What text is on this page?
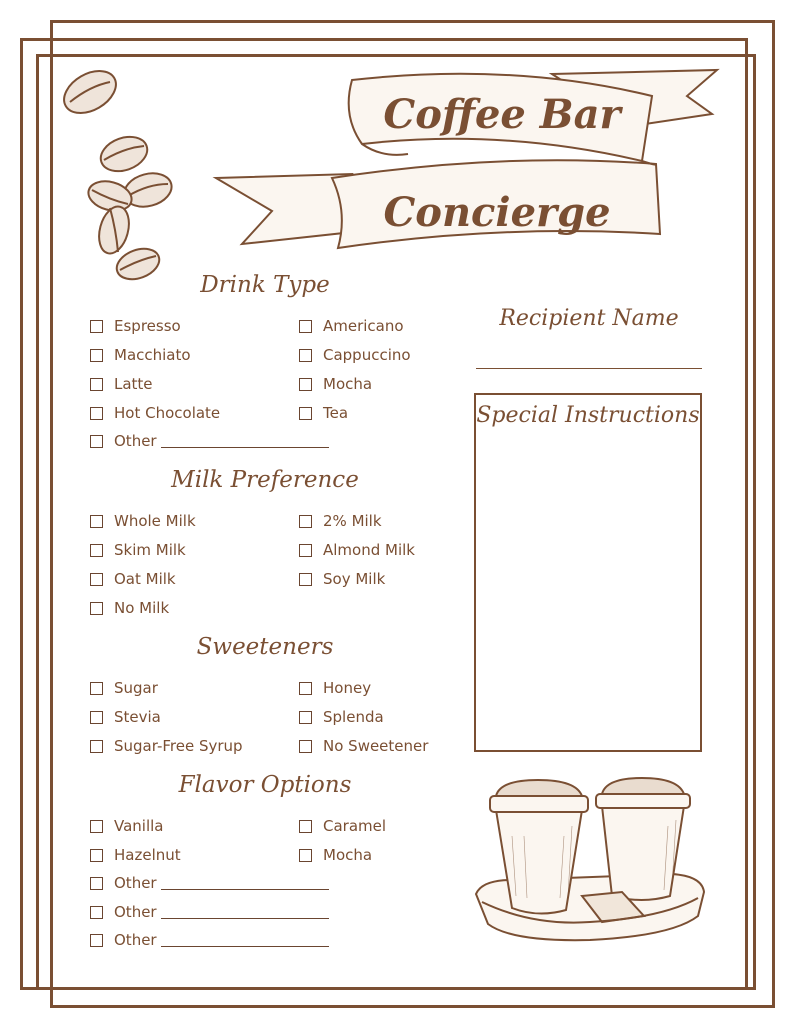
Coffee Bar
Concierge
Drink Type
Espresso
Macchiato
Latte
Hot Chocolate
Other
Americano
Cappuccino
Mocha
Tea
Milk Preference
Whole Milk
Skim Milk
Oat Milk
No Milk
2% Milk
Almond Milk
Soy Milk
Sweeteners
Sugar
Stevia
Sugar-Free Syrup
Honey
Splenda
No Sweetener
Flavor Options
Vanilla
Hazelnut
Other
Other
Other
Caramel
Mocha
Recipient Name
Special Instructions
